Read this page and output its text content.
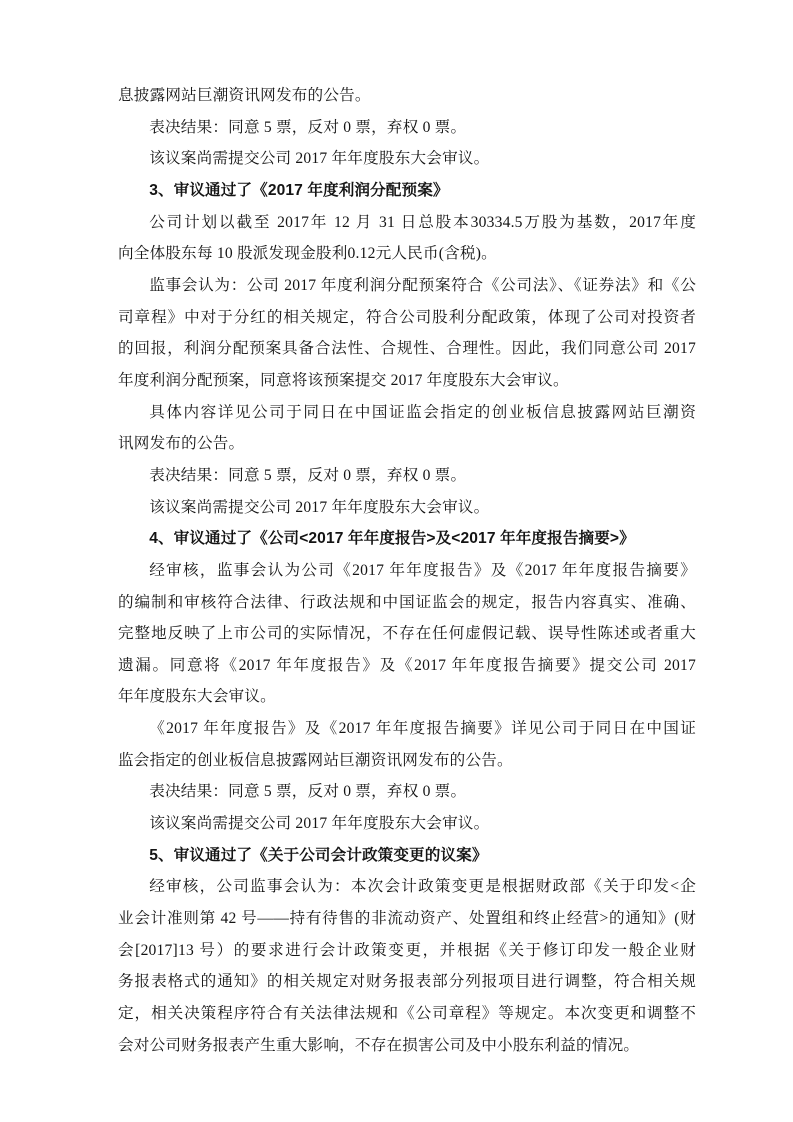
息披露网站巨潮资讯网发布的公告。
表决结果：同意 5 票，反对 0 票，弃权 0 票。
该议案尚需提交公司 2017 年年度股东大会审议。
3、审议通过了《2017 年度利润分配预案》
公司计划以截至 2017年 12 月 31 日总股本30334.5万股为基数，2017年度
向全体股东每 10 股派发现金股利0.12元人民币(含税)。
监事会认为：公司 2017 年度利润分配预案符合《公司法》、《证券法》和《公
司章程》中对于分红的相关规定，符合公司股利分配政策，体现了公司对投资者
的回报，利润分配预案具备合法性、合规性、合理性。因此，我们同意公司 2017
年度利润分配预案，同意将该预案提交 2017 年度股东大会审议。
具体内容详见公司于同日在中国证监会指定的创业板信息披露网站巨潮资
讯网发布的公告。
表决结果：同意 5 票，反对 0 票，弃权 0 票。
该议案尚需提交公司 2017 年年度股东大会审议。
4、审议通过了《公司<2017 年年度报告>及<2017 年年度报告摘要>》
经审核，监事会认为公司《2017 年年度报告》及《2017 年年度报告摘要》
的编制和审核符合法律、行政法规和中国证监会的规定，报告内容真实、准确、
完整地反映了上市公司的实际情况，不存在任何虚假记载、误导性陈述或者重大
遗漏。同意将《2017 年年度报告》及《2017 年年度报告摘要》提交公司 2017
年年度股东大会审议。
《2017 年年度报告》及《2017 年年度报告摘要》详见公司于同日在中国证
监会指定的创业板信息披露网站巨潮资讯网发布的公告。
表决结果：同意 5 票，反对 0 票，弃权 0 票。
该议案尚需提交公司 2017 年年度股东大会审议。
5、审议通过了《关于公司会计政策变更的议案》
经审核，公司监事会认为：本次会计政策变更是根据财政部《关于印发<企
业会计准则第 42 号——持有待售的非流动资产、处置组和终止经营>的通知》(财
会[2017]13 号）的要求进行会计政策变更，并根据《关于修订印发一般企业财
务报表格式的通知》的相关规定对财务报表部分列报项目进行调整，符合相关规
定，相关决策程序符合有关法律法规和《公司章程》等规定。本次变更和调整不
会对公司财务报表产生重大影响，不存在损害公司及中小股东利益的情况。
